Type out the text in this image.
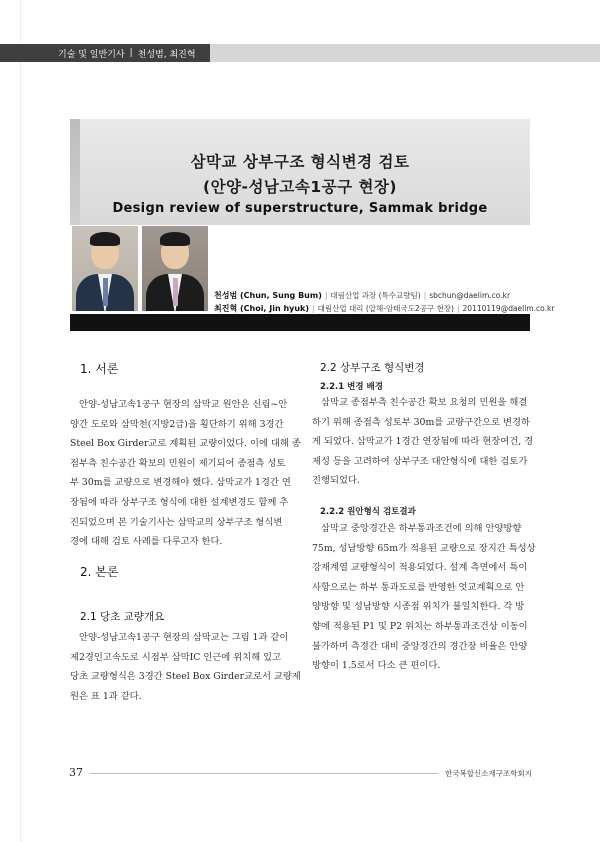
기술 및 일반기사 | 천성범, 최진혁
삼막교 상부구조 형식변경 검토
(안양-성남고속1공구 현장)
Design review of superstructure, Sammak bridge
천성범 (Chun, Sung Bum) | 대림산업 과장 (특수교량팀) | sbchun@daelim.co.kr
최진혁 (Choi, Jin hyuk) | 대림산업 대리 (압해-암태국도2공구 현장) | 20110119@daelim.co.kr
1. 서론

안양-성남고속1공구 현장의 삼막교 원안은 신림~안
양간 도로와 삼막천(지방2급)을 횡단하기 위해 3경간
Steel Box Girder교로 계획된 교량이었다. 이에 대해 종
점부측 친수공간 확보의 민원이 제기되어 종점측 성토
부 30m를 교량으로 변경해야 했다. 삼막교가 1경간 연
장됨에 따라 상부구조 형식에 대한 설계변경도 함께 추
진되었으며 본 기술기사는 삼막교의 상부구조 형식변
경에 대해 검토 사례를 다루고자 한다.

2. 본론
2.1 당초 교량개요

안양-성남고속1공구 현장의 삼막교는 그림 1과 같이
제2경인고속도로 시점부 삼막IC 인근에 위치해 있고
당초 교량형식은 3경간 Steel Box Girder교로서 교량제
원은 표 1과 같다.

2.2 상부구조 형식변경
2.2.1 변경 배경

삼막교 종점부측 친수공간 확보 요청의 민원을 해결
하기 위해 종점측 성토부 30m를 교량구간으로 변경하
게 되었다. 삼막교가 1경간 연장됨에 따라 현장여건, 경
제성 등을 고려하여 상부구조 대안형식에 대한 검토가
진행되었다.

2.2.2 원안형식 검토결과

삼막교 중앙경간은 하부통과조건에 의해 안양방향
75m, 성남방향 65m가 적용된 교량으로 장지간 특성상
강재계열 교량형식이 적용되었다. 설계 측면에서 특이
사항으로는 하부 통과도로를 반영한 엇교계획으로 안
양방향 및 성남방향 시종점 위치가 불일치한다. 각 방
향에 적용된 P1 및 P2 위치는 하부통과조건상 이동이
불가하며 측경간 대비 중앙경간의 경간장 비율은 안양
방향이 1.5로서 다소 큰 편이다.

37	한국복합신소재구조학회지
